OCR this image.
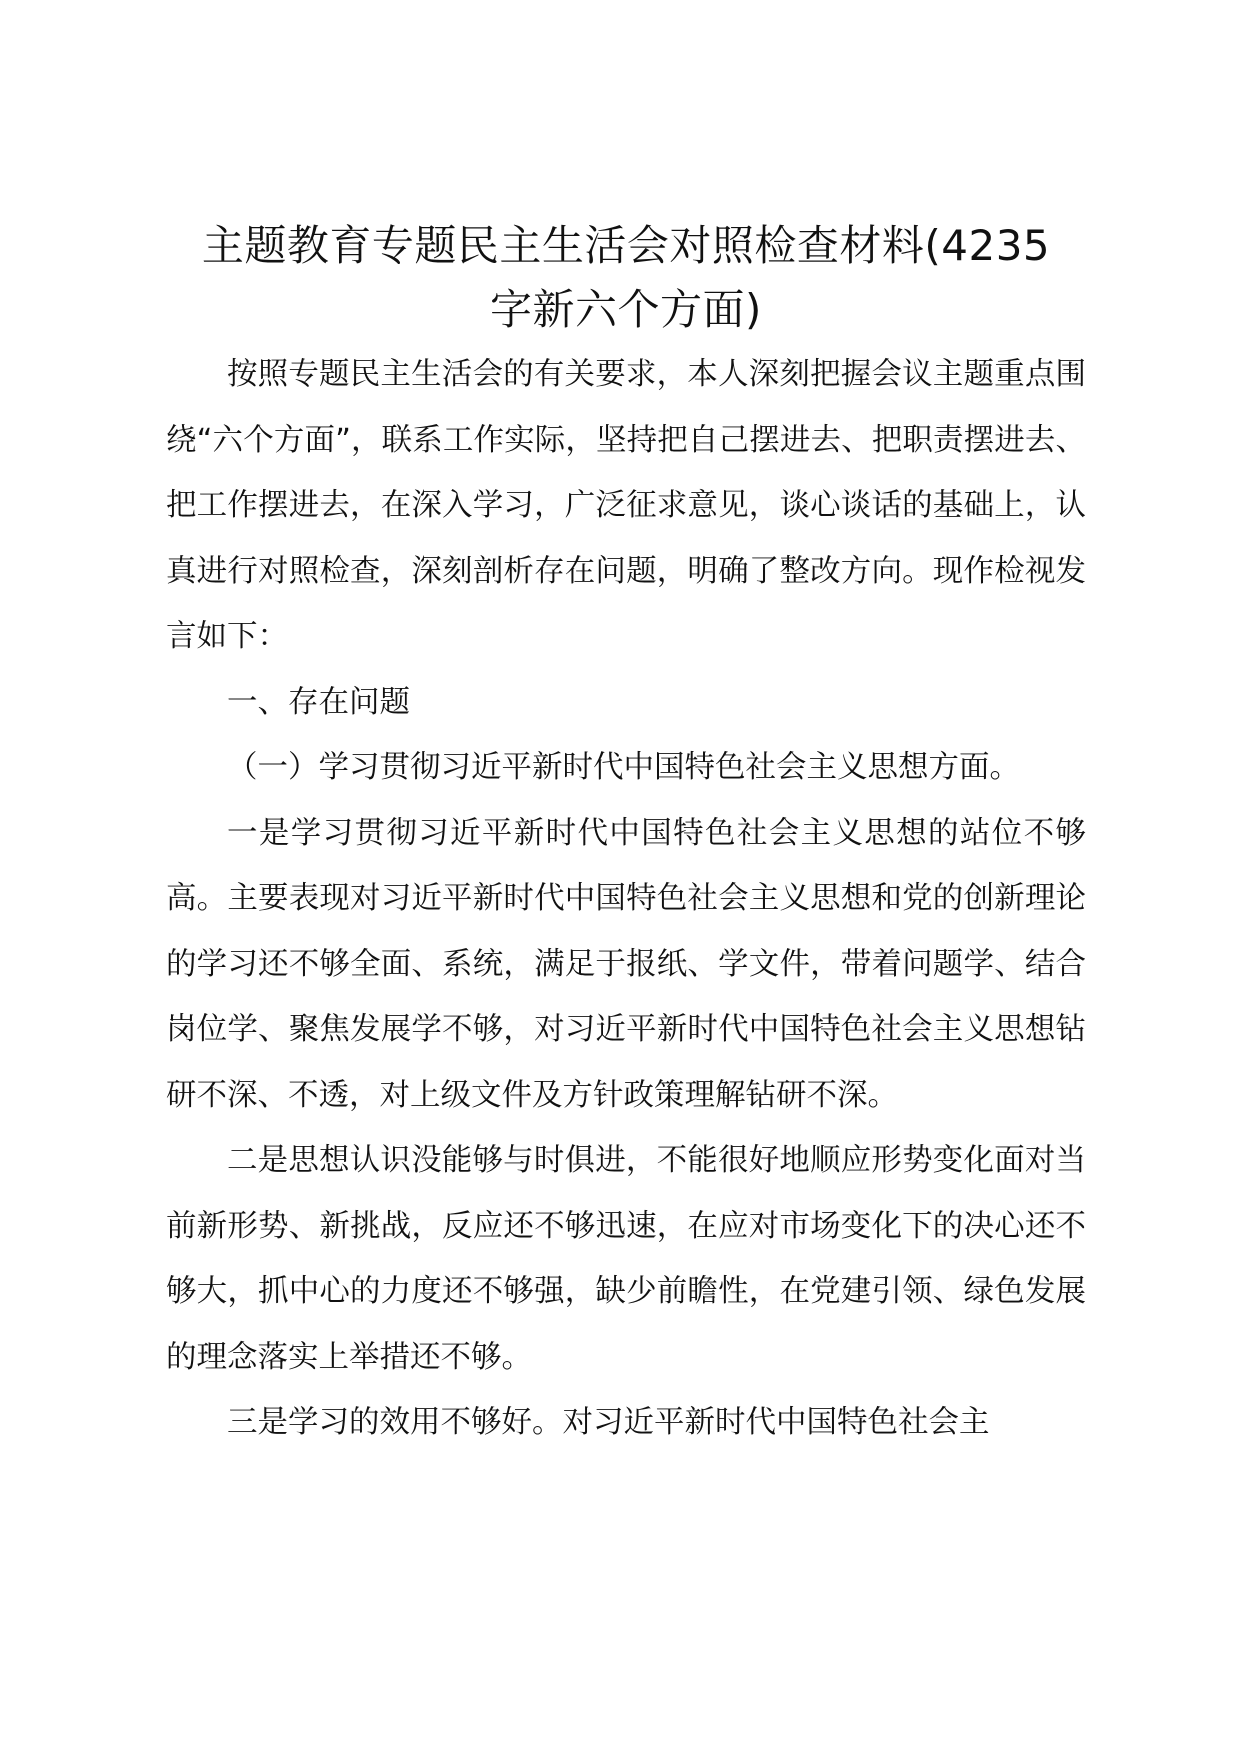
主题教育专题民主生活会对照检查材料(4235
字新六个方面)

按照专题民主生活会的有关要求，本人深刻把握会议主题重点围绕“六个方面”，联系工作实际，坚持把自己摆进去、把职责摆进去、把工作摆进去，在深入学习，广泛征求意见，谈心谈话的基础上，认真进行对照检查，深刻剖析存在问题，明确了整改方向。现作检视发言如下：

一、存在问题

（一）学习贯彻习近平新时代中国特色社会主义思想方面。

一是学习贯彻习近平新时代中国特色社会主义思想的站位不够高。主要表现对习近平新时代中国特色社会主义思想和党的创新理论的学习还不够全面、系统，满足于报纸、学文件，带着问题学、结合岗位学、聚焦发展学不够，对习近平新时代中国特色社会主义思想钻研不深、不透，对上级文件及方针政策理解钻研不深。

二是思想认识没能够与时俱进，不能很好地顺应形势变化面对当前新形势、新挑战，反应还不够迅速，在应对市场变化下的决心还不够大，抓中心的力度还不够强，缺少前瞻性，在党建引领、绿色发展的理念落实上举措还不够。

三是学习的效用不够好。对习近平新时代中国特色社会主
